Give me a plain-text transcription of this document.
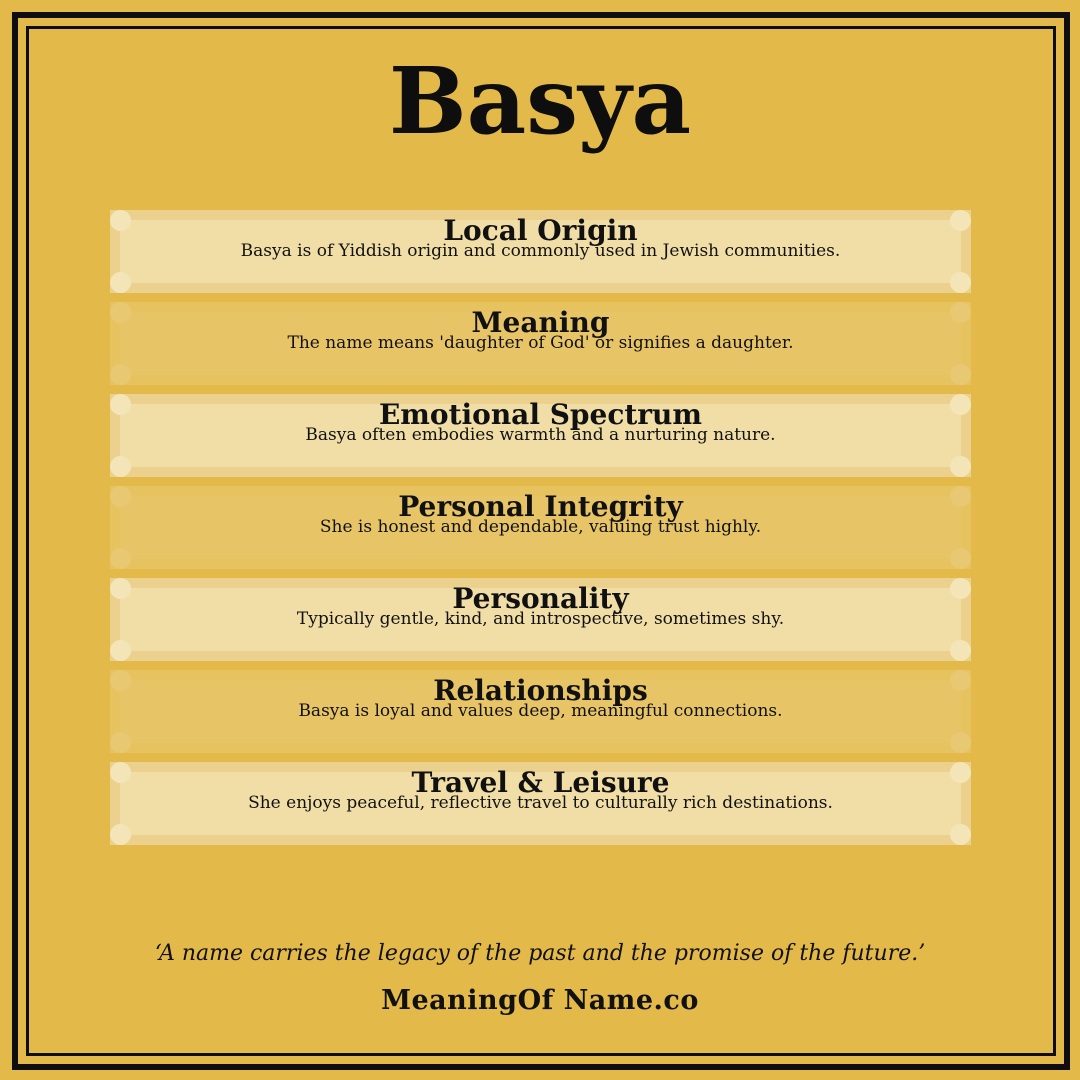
Basya
Local Origin
Basya is of Yiddish origin and commonly used in Jewish communities.
Meaning
The name means 'daughter of God' or signifies a daughter.
Emotional Spectrum
Basya often embodies warmth and a nurturing nature.
Personal Integrity
She is honest and dependable, valuing trust highly.
Personality
Typically gentle, kind, and introspective, sometimes shy.
Relationships
Basya is loyal and values deep, meaningful connections.
Travel & Leisure
She enjoys peaceful, reflective travel to culturally rich destinations.
‘A name carries the legacy of the past and the promise of the future.’
MeaningOf Name.co
